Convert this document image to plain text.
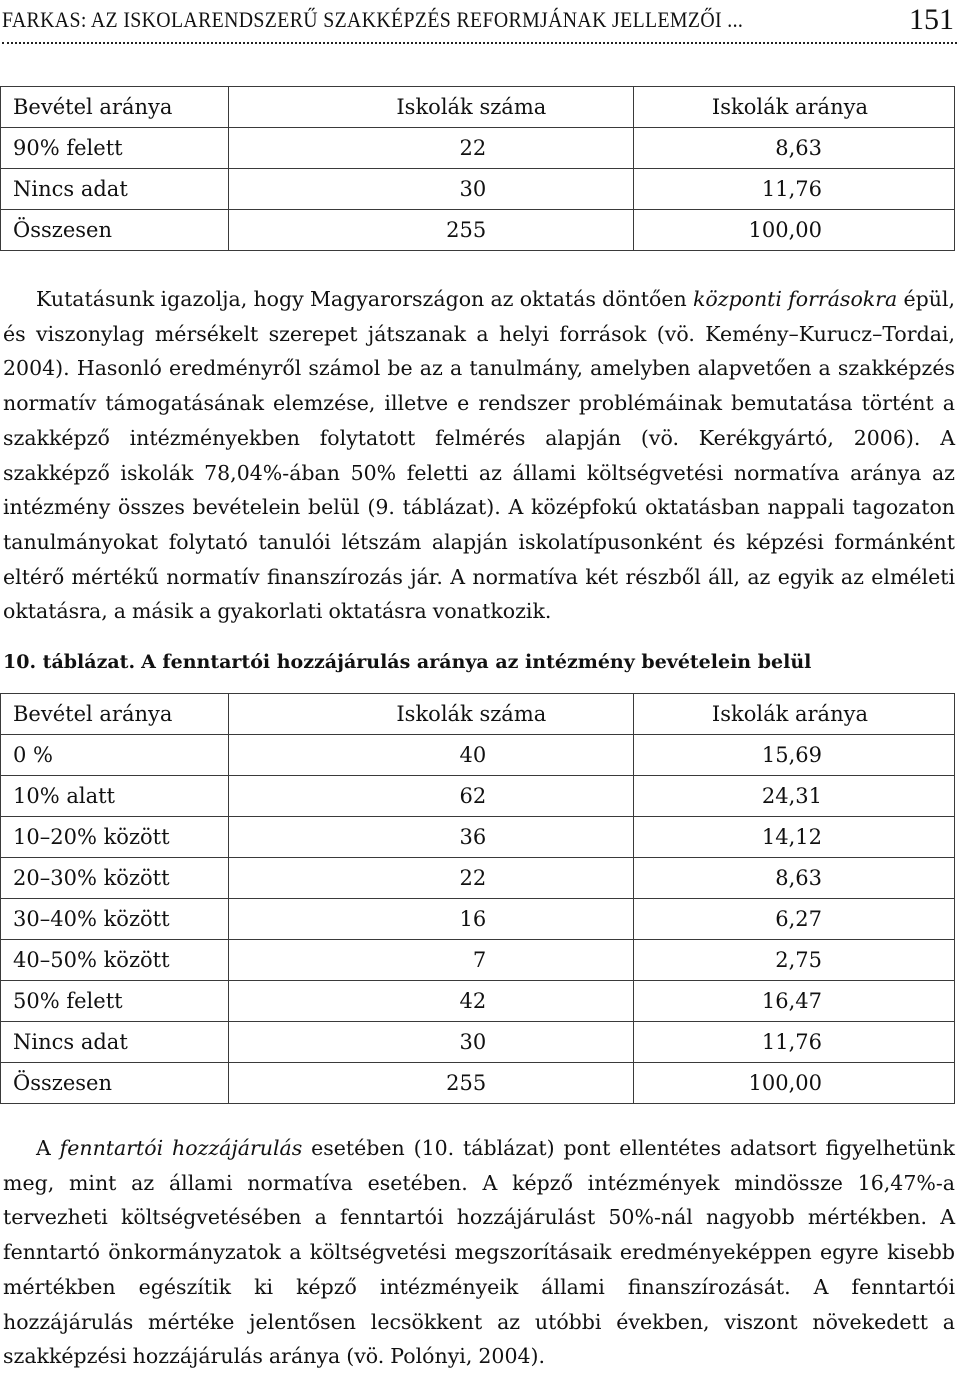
FARKAS: AZ ISKOLARENDSZERŰ SZAKKÉPZÉS REFORMJÁNAK JELLEMZŐI ...	151
Bevétel aránya	Iskolák száma	Iskolák aránya
90% felett	22	8,63
Nincs adat	30	11,76
Összesen	255	100,00

Kutatásunk igazolja, hogy Magyarországon az oktatás döntően központi forrásokra épül, és viszonylag mérsékelt szerepet játszanak a helyi források (vö. Kemény–Kurucz–Tordai, 2004). Hasonló eredményről számol be az a tanulmány, amelyben alapvetően a szakképzés normatív támogatásának elemzése, illetve e rendszer problémáinak bemutatása történt a szakképző intézményekben folytatott felmérés alapján (vö. Kerékgyártó, 2006). A szakképző iskolák 78,04%-ában 50% feletti az állami költségvetési normatíva aránya az intézmény összes bevételein belül (9. táblázat). A középfokú oktatásban nappali tagozaton tanulmányokat folytató tanulói létszám alapján iskolatípusonként és képzési formánként eltérő mértékű normatív finanszírozás jár. A normatíva két részből áll, az egyik az elméleti oktatásra, a másik a gyakorlati oktatásra vonatkozik.

10. táblázat. A fenntartói hozzájárulás aránya az intézmény bevételein belül
Bevétel aránya	Iskolák száma	Iskolák aránya
0 %	40	15,69
10% alatt	62	24,31
10–20% között	36	14,12
20–30% között	22	8,63
30–40% között	16	6,27
40–50% között	7	2,75
50% felett	42	16,47
Nincs adat	30	11,76
Összesen	255	100,00

A fenntartói hozzájárulás esetében (10. táblázat) pont ellentétes adatsort figyelhetünk meg, mint az állami normatíva esetében. A képző intézmények mindössze 16,47%-a tervezheti költségvetésében a fenntartói hozzájárulást 50%-nál nagyobb mértékben. A fenntartó önkormányzatok a költségvetési megszorításaik eredményeképpen egyre kisebb mértékben egészítik ki képző intézményeik állami finanszírozását. A fenntartói hozzájárulás mértéke jelentősen lecsökkent az utóbbi években, viszont növekedett a szakképzési hozzájárulás aránya (vö. Polónyi, 2004).
